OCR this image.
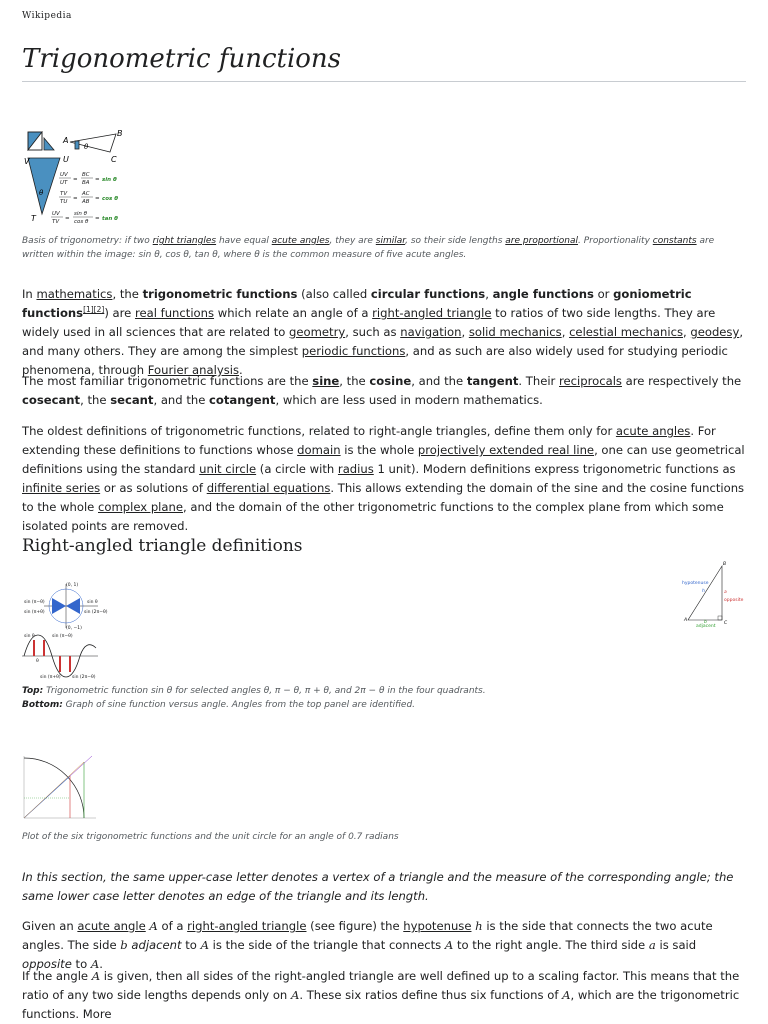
Wikipedia
Trigonometric functions
A
B
C
θ
U
V
T
θ
UV
UT =
BC
BA = sin θ
TV
TU =
AC
AB = cos θ
UV
TV =
sin θ
cos θ = tan θ
Basis of trigonometry: if two right triangles have equal acute angles, they are similar, so their side lengths are proportional. Proportionality constants are written within the image: sin θ, cos θ, tan θ, where θ is the common measure of five acute angles.

In mathematics, the trigonometric functions (also called circular functions, angle functions or goniometric functions[1][2]) are real functions which relate an angle of a right-angled triangle to ratios of two side lengths. They are widely used in all sciences that are related to geometry, such as navigation, solid mechanics, celestial mechanics, geodesy, and many others. They are among the simplest periodic functions, and as such are also widely used for studying periodic phenomena, through Fourier analysis.

The most familiar trigonometric functions are the sine, the cosine, and the tangent. Their reciprocals are respectively the cosecant, the secant, and the cotangent, which are less used in modern mathematics.

The oldest definitions of trigonometric functions, related to right-angle triangles, define them only for acute angles. For extending these definitions to functions whose domain is the whole projectively extended real line, one can use geometrical definitions using the standard unit circle (a circle with radius 1 unit). Modern definitions express trigonometric functions as infinite series or as solutions of differential equations. This allows extending the domain of the sine and the cosine functions to the whole complex plane, and the domain of the other trigonometric functions to the complex plane from which some isolated points are removed.

Right-angled triangle definitions
(0, 1)
(0, −1)
sin (π−θ)
sin (π+θ)
sin θ
sin (2π−θ)
sin θ	sin (π−θ)
sin (π+θ)	sin (2π−θ)
θ
hypotenuse
opposite
adjacent
A
B
C
h	a
b
Top: Trigonometric function sin θ for selected angles θ, π − θ, π + θ, and 2π − θ in the four quadrants.
Bottom: Graph of sine function versus angle. Angles from the top panel are identified.
Plot of the six trigonometric functions and the unit circle for an angle of 0.7 radians

In this section, the same upper-case letter denotes a vertex of a triangle and the measure of the corresponding angle; the same lower case letter denotes an edge of the triangle and its length.

Given an acute angle A of a right-angled triangle (see figure) the hypotenuse h is the side that connects the two acute angles. The side b adjacent to A is the side of the triangle that connects A to the right angle. The third side a is said opposite to A.

If the angle A is given, then all sides of the right-angled triangle are well defined up to a scaling factor. This means that the ratio of any two side lengths depends only on A. These six ratios define thus six functions of A, which are the trigonometric functions. More
